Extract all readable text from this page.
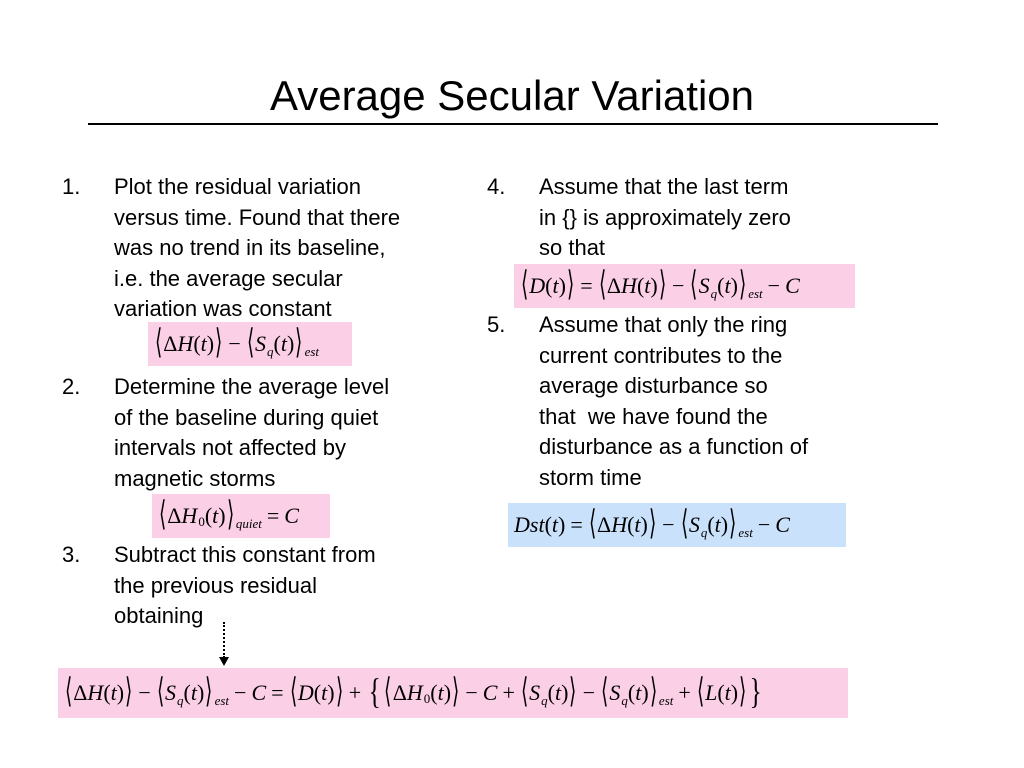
Average Secular Variation
1. Plot the residual variation
versus time. Found that there
was no trend in its baseline,
i.e. the average secular
variation was constant
⟨ Δ H ( t ) ⟩ − ⟨ S q ( t ) ⟩ est
2. Determine the average level
of the baseline during quiet
intervals not affected by
magnetic storms
⟨ Δ H 0 ( t ) ⟩ quiet = C
3. Subtract this constant from
the previous residual
obtaining
4. Assume that the last term
in {} is approximately zero
so that
⟨ D ( t ) ⟩ = ⟨ Δ H ( t ) ⟩ − ⟨ S q ( t ) ⟩ est − C
5. Assume that only the ring
current contributes to the
average disturbance so
that  we have found the
disturbance as a function of
storm time
Dst ( t ) = ⟨ Δ H ( t ) ⟩ − ⟨ S q ( t ) ⟩ est − C
⟨ Δ H ( t ) ⟩ − ⟨ S q ( t ) ⟩ est − C = ⟨ D ( t ) ⟩ + { ⟨ Δ H 0 ( t ) ⟩ − C + ⟨ S q ( t ) ⟩ − ⟨ S q ( t ) ⟩ est + ⟨ L ( t ) ⟩ }
